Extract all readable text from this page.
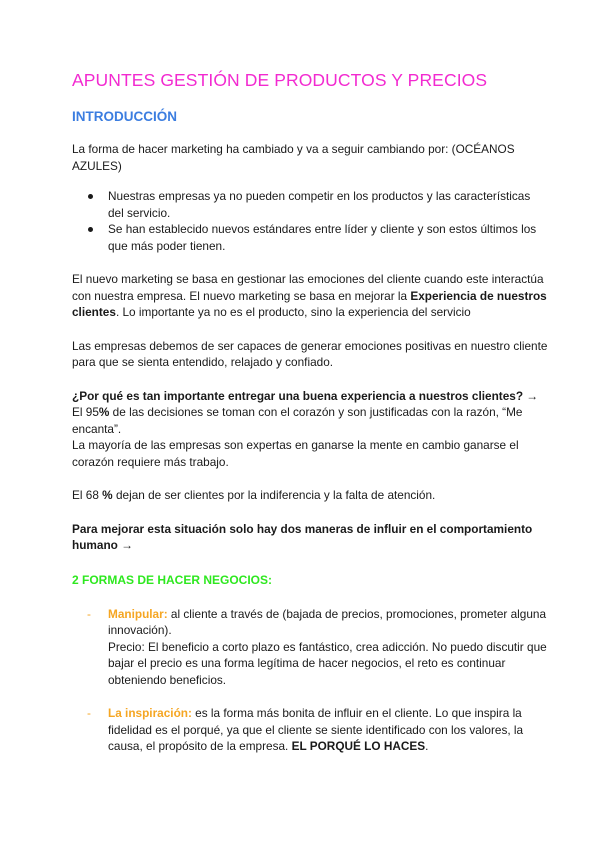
APUNTES GESTIÓN DE PRODUCTOS Y PRECIOS
INTRODUCCIÓN

La forma de hacer marketing ha cambiado y va a seguir cambiando por: (OCÉANOS AZULES)

Nuestras empresas ya no pueden competir en los productos y las características del servicio.
Se han establecido nuevos estándares entre líder y cliente y son estos últimos los que más poder tienen.

El nuevo marketing se basa en gestionar las emociones del cliente cuando este interactúa con nuestra empresa. El nuevo marketing se basa en mejorar la Experiencia de nuestros clientes. Lo importante ya no es el producto, sino la experiencia del servicio

Las empresas debemos de ser capaces de generar emociones positivas en nuestro cliente para que se sienta entendido, relajado y confiado.

¿Por qué es tan importante entregar una buena experiencia a nuestros clientes? → El 95% de las decisiones se toman con el corazón y son justificadas con la razón, “Me encanta”.

La mayoría de las empresas son expertas en ganarse la mente en cambio ganarse el corazón requiere más trabajo.

El 68 % dejan de ser clientes por la indiferencia y la falta de atención.

Para mejorar esta situación solo hay dos maneras de influir en el comportamiento humano →

2 FORMAS DE HACER NEGOCIOS:
- Manipular: al cliente a través de (bajada de precios, promociones, prometer alguna innovación).
Precio: El beneficio a corto plazo es fantástico, crea adicción. No puedo discutir que bajar el precio es una forma legítima de hacer negocios, el reto es continuar obteniendo beneficios.
- La inspiración: es la forma más bonita de influir en el cliente. Lo que inspira la fidelidad es el porqué, ya que el cliente se siente identificado con los valores, la causa, el propósito de la empresa. EL PORQUÉ LO HACES.
